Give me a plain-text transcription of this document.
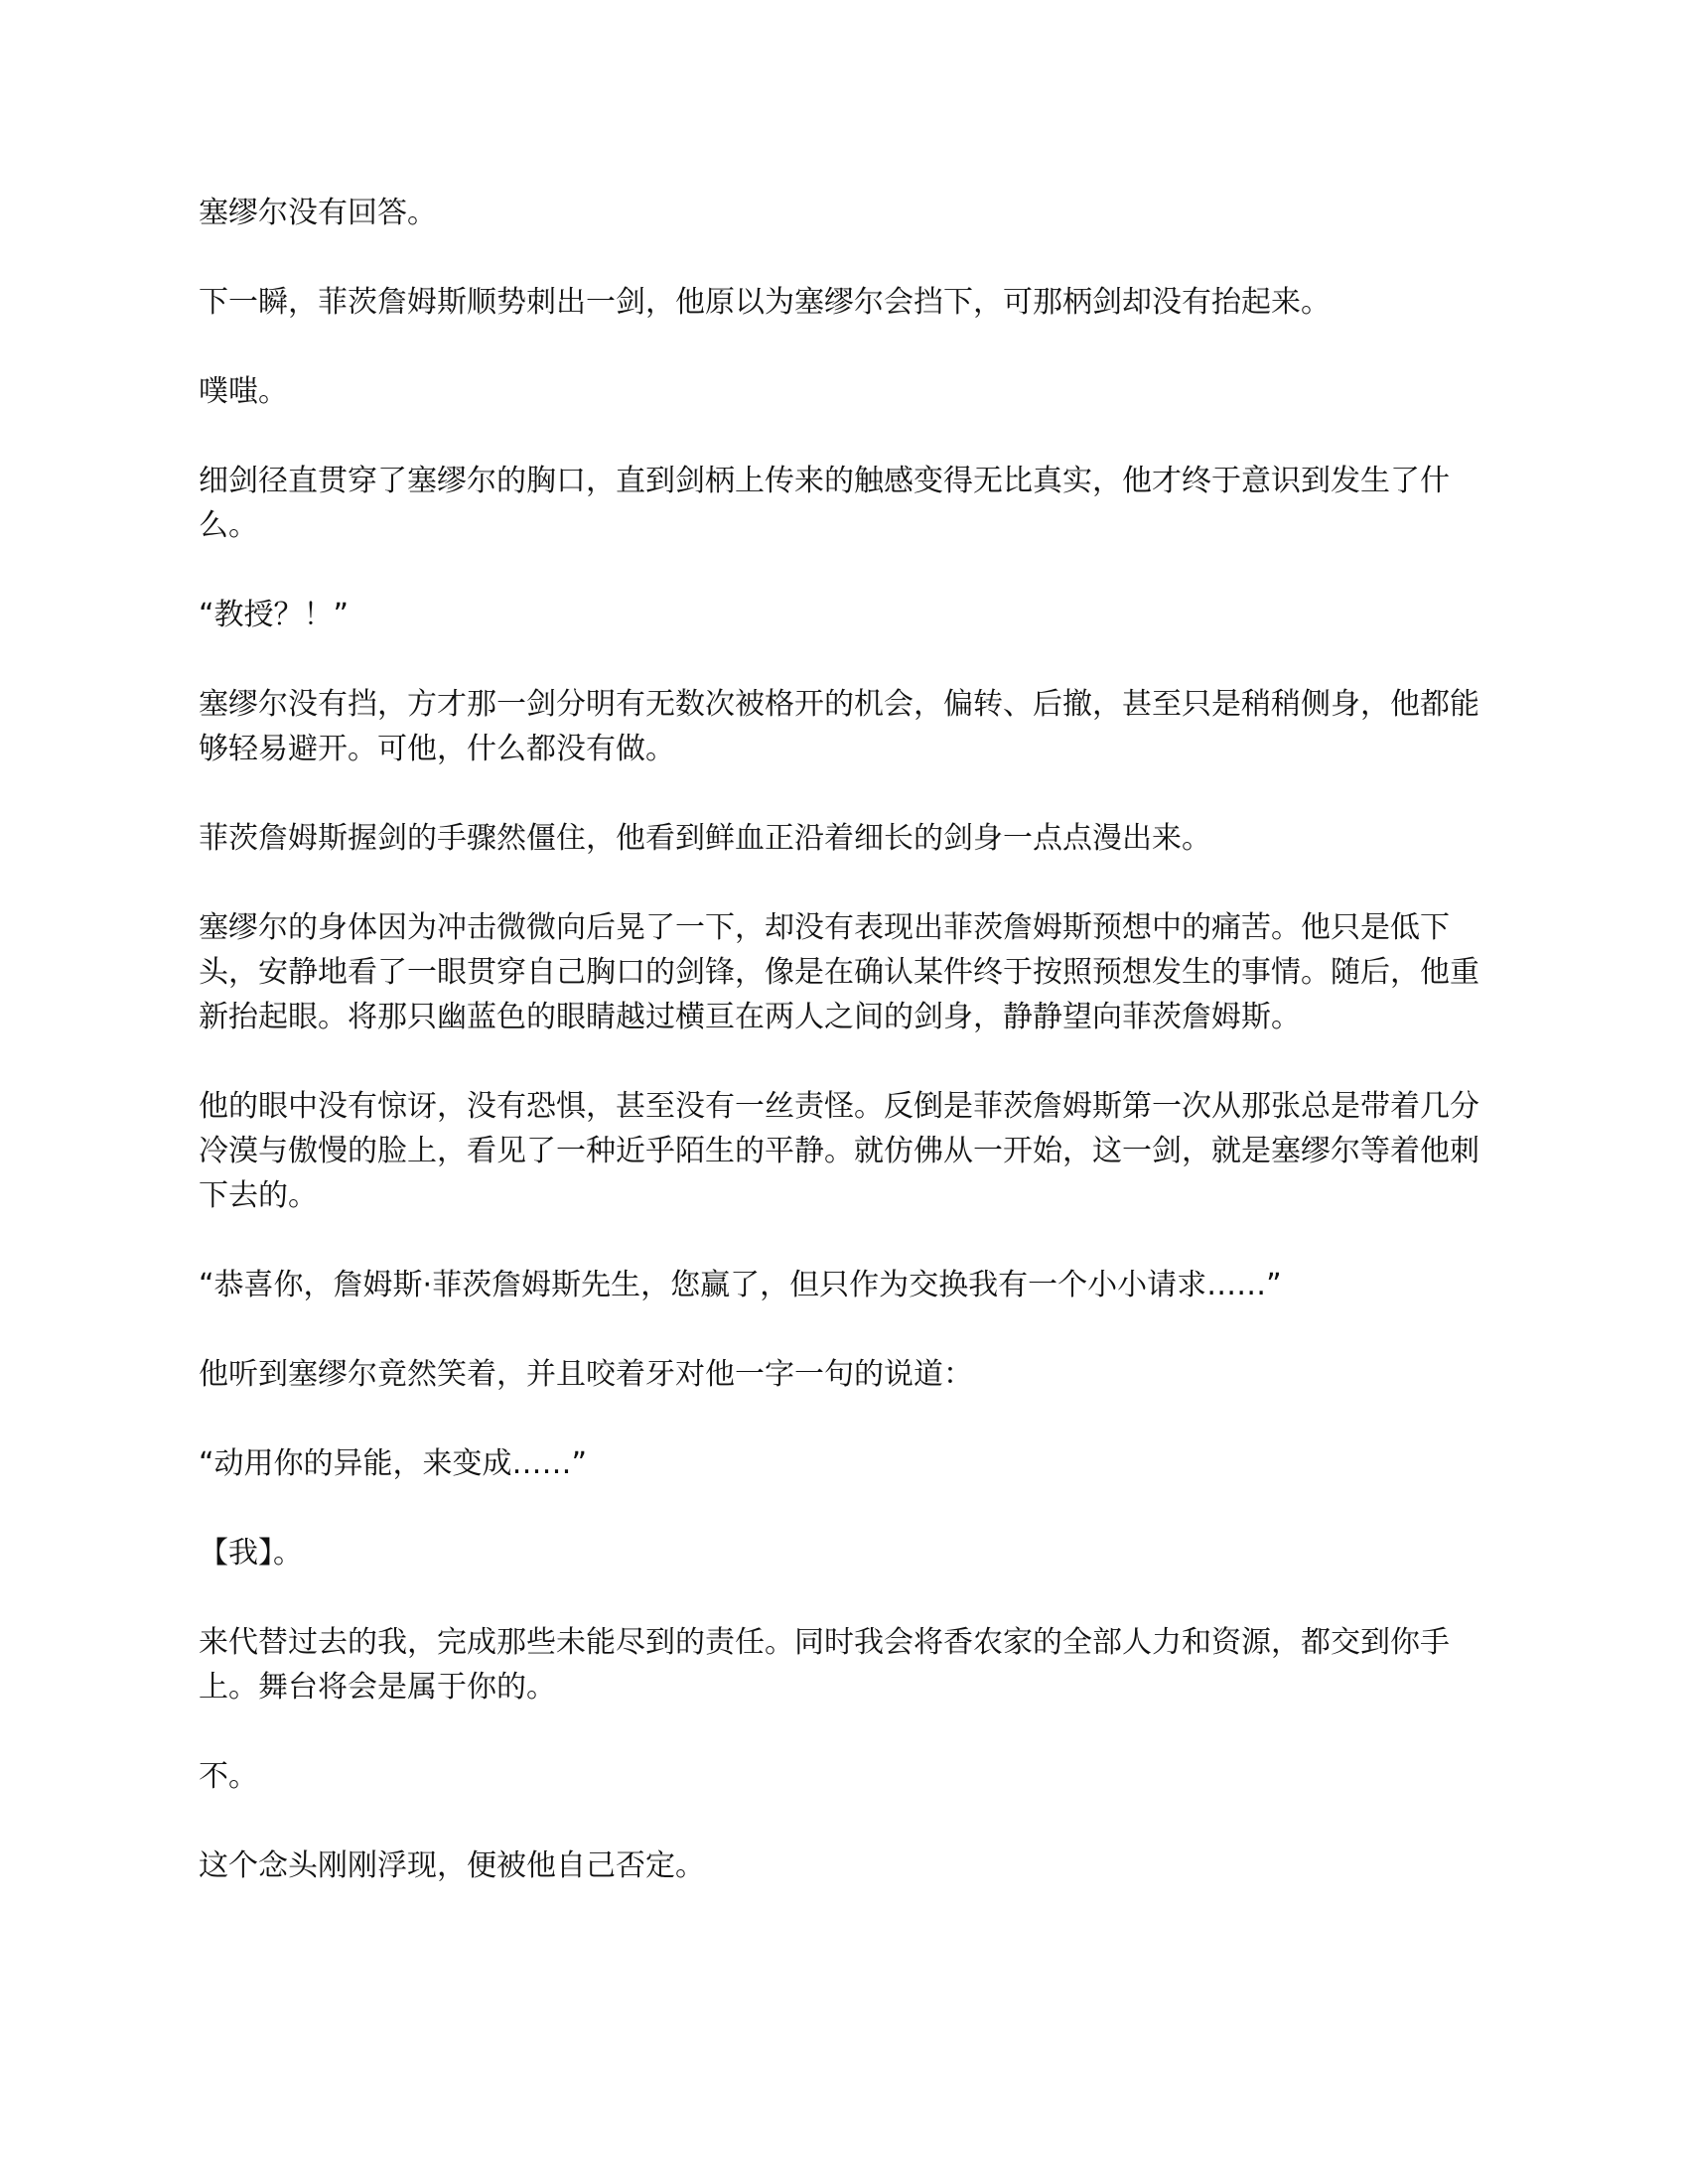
塞缪尔没有回答。

下一瞬，菲茨詹姆斯顺势刺出一剑，他原以为塞缪尔会挡下，可那柄剑却没有抬起来。

噗嗤。

细剑径直贯穿了塞缪尔的胸口，直到剑柄上传来的触感变得无比真实，他才终于意识到发生了什么。

“教授？！”

塞缪尔没有挡，方才那一剑分明有无数次被格开的机会，偏转、后撤，甚至只是稍稍侧身，他都能够轻易避开。可他，什么都没有做。

菲茨詹姆斯握剑的手骤然僵住，他看到鲜血正沿着细长的剑身一点点漫出来。

塞缪尔的身体因为冲击微微向后晃了一下，却没有表现出菲茨詹姆斯预想中的痛苦。他只是低下头，安静地看了一眼贯穿自己胸口的剑锋，像是在确认某件终于按照预想发生的事情。随后，他重新抬起眼。将那只幽蓝色的眼睛越过横亘在两人之间的剑身，静静望向菲茨詹姆斯。

他的眼中没有惊讶，没有恐惧，甚至没有一丝责怪。反倒是菲茨詹姆斯第一次从那张总是带着几分冷漠与傲慢的脸上，看见了一种近乎陌生的平静。就仿佛从一开始，这一剑，就是塞缪尔等着他刺下去的。

“恭喜你，詹姆斯·菲茨詹姆斯先生，您赢了，但只作为交换我有一个小小请求……”

他听到塞缪尔竟然笑着，并且咬着牙对他一字一句的说道：

“动用你的异能，来变成……”

【我】。

来代替过去的我，完成那些未能尽到的责任。同时我会将香农家的全部人力和资源，都交到你手上。舞台将会是属于你的。

不。

这个念头刚刚浮现，便被他自己否定。
